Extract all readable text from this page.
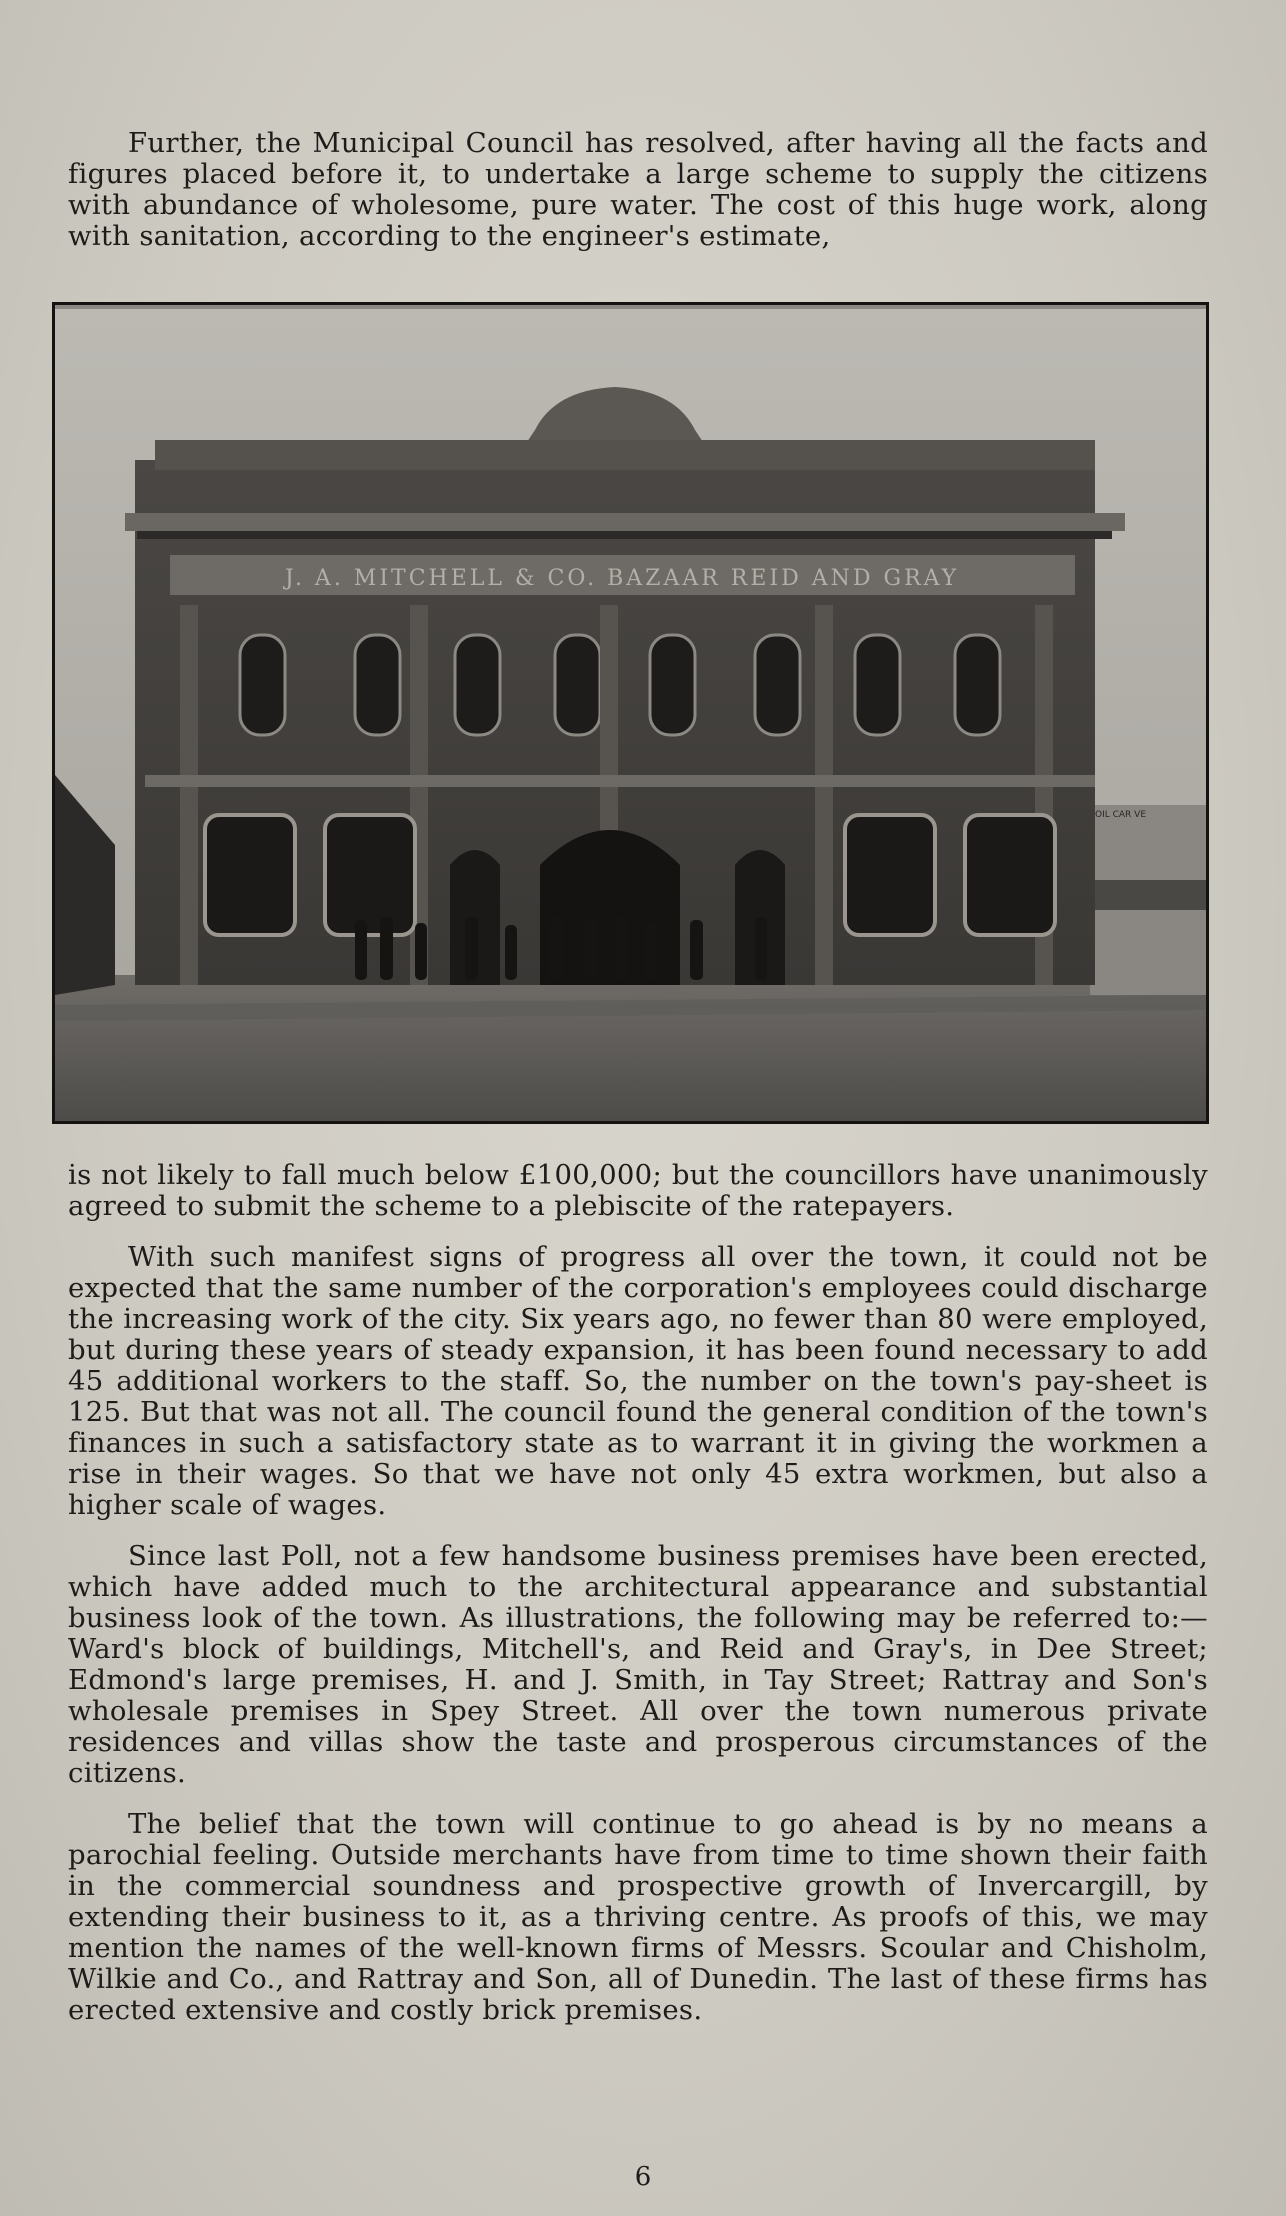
Further, the Municipal Council has resolved, after having all the facts and figures placed before it, to undertake a large scheme to supply the citizens with abundance of wholesome, pure water. The cost of this huge work, along with sanitation, according to the engineer's estimate,

OIL CAR VE
J. A. MITCHELL & CO. BAZAAR REID AND GRAY

is not likely to fall much below £100,000; but the councillors have unanimously agreed to submit the scheme to a plebiscite of the ratepayers.

With such manifest signs of progress all over the town, it could not be expected that the same number of the corporation's employees could discharge the increasing work of the city. Six years ago, no fewer than 80 were employed, but during these years of steady expansion, it has been found necessary to add 45 additional workers to the staff. So, the number on the town's pay-sheet is 125. But that was not all. The council found the general condition of the town's finances in such a satisfactory state as to warrant it in giving the workmen a rise in their wages. So that we have not only 45 extra workmen, but also a higher scale of wages.

Since last Poll, not a few handsome business premises have been erected, which have added much to the architectural appearance and substantial business look of the town. As illustrations, the following may be referred to:—Ward's block of buildings, Mitchell's, and Reid and Gray's, in Dee Street; Edmond's large premises, H. and J. Smith, in Tay Street; Rattray and Son's wholesale premises in Spey Street. All over the town numerous private residences and villas show the taste and prosperous circumstances of the citizens.

The belief that the town will continue to go ahead is by no means a parochial feeling. Outside merchants have from time to time shown their faith in the commercial soundness and prospective growth of Invercargill, by extending their business to it, as a thriving centre. As proofs of this, we may mention the names of the well-known firms of Messrs. Scoular and Chisholm, Wilkie and Co., and Rattray and Son, all of Dunedin. The last of these firms has erected extensive and costly brick premises.

6
